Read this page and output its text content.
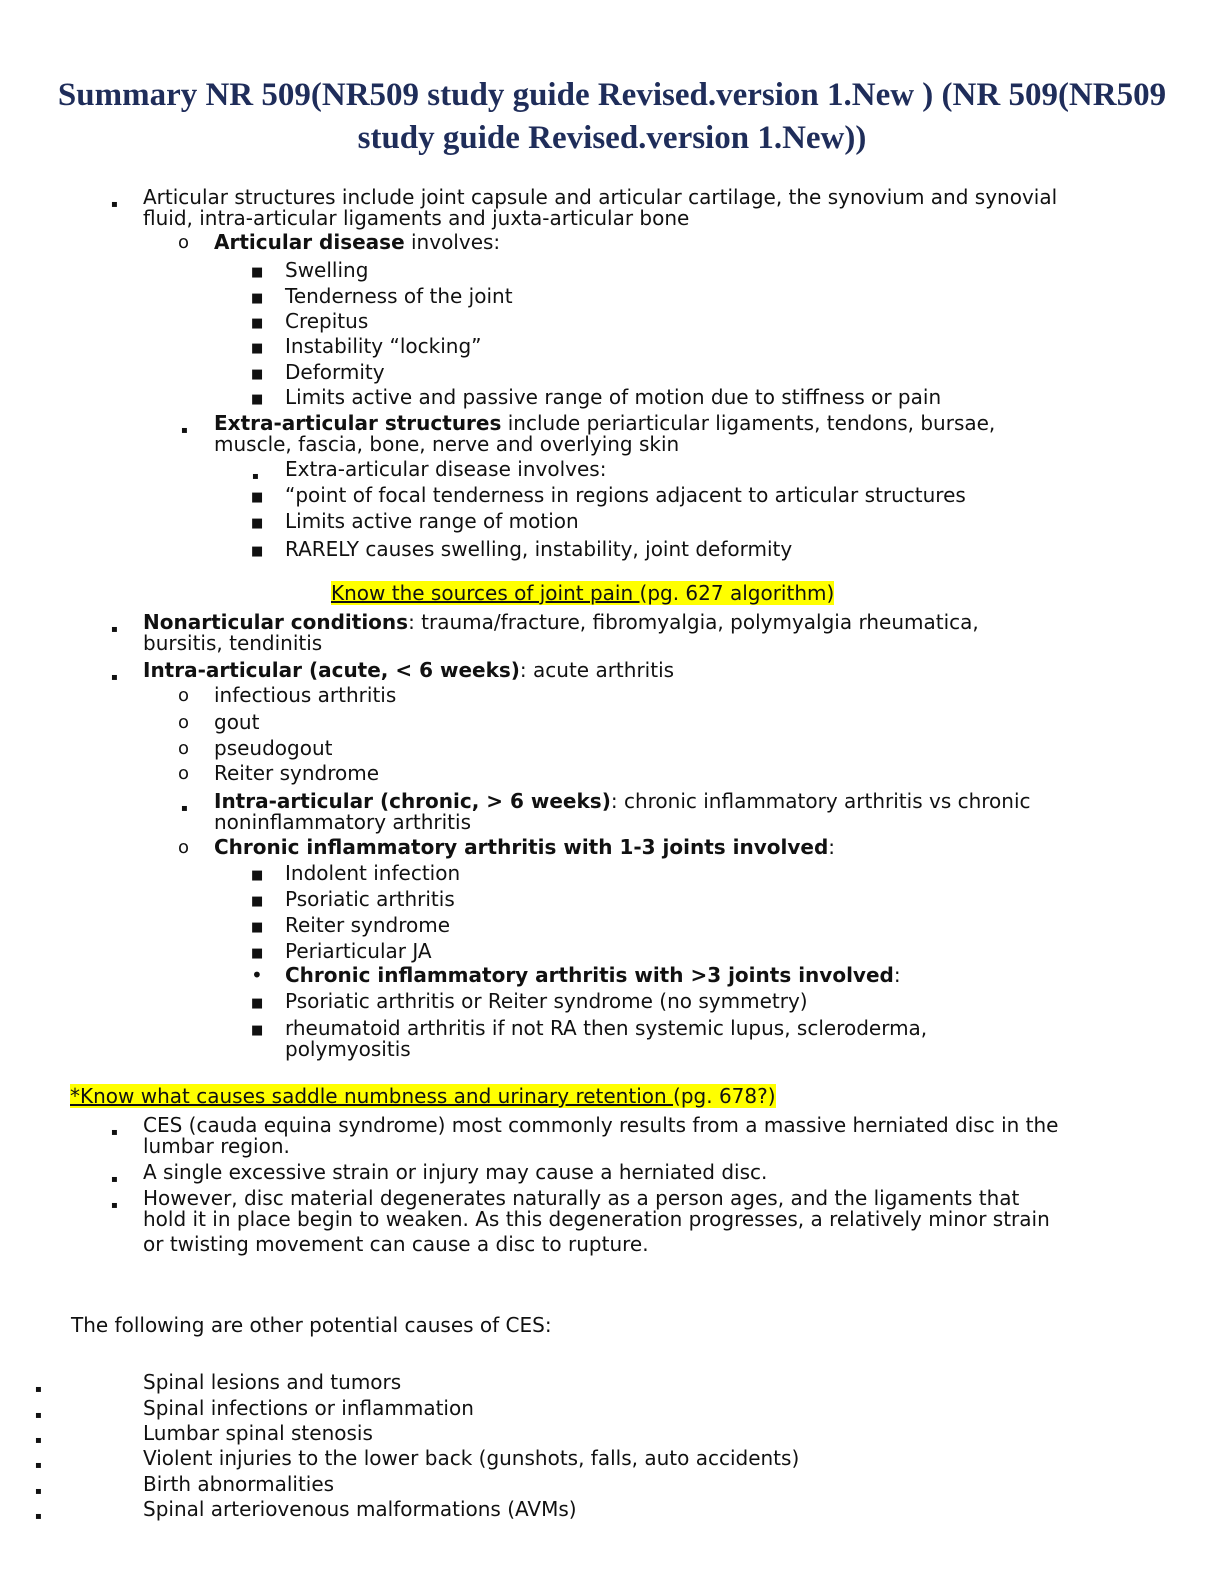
Summary NR 509(NR509 study guide Revised.version 1.New ) (NR 509(NR509 study guide Revised.version 1.New))
▪ Articular structures include joint capsule and articular cartilage, the synovium and synovial
fluid, intra-articular ligaments and juxta-articular bone
o Articular disease involves:
■ Swelling
■ Tenderness of the joint
■ Crepitus
■ Instability “locking”
■ Deformity
■ Limits active and passive range of motion due to stiffness or pain
▪ Extra-articular structures include periarticular ligaments, tendons, bursae,
muscle, fascia, bone, nerve and overlying skin
▪ Extra-articular disease involves:
■ “point of focal tenderness in regions adjacent to articular structures
■ Limits active range of motion
■ RARELY causes swelling, instability, joint deformity
Know the sources of joint pain (pg. 627 algorithm)
▪ Nonarticular conditions: trauma/fracture, fibromyalgia, polymyalgia rheumatica,
bursitis, tendinitis
▪ Intra-articular (acute, < 6 weeks): acute arthritis
o infectious arthritis
o gout
o pseudogout
o Reiter syndrome
▪ Intra-articular (chronic, > 6 weeks): chronic inflammatory arthritis vs chronic
noninflammatory arthritis
o Chronic inflammatory arthritis with 1-3 joints involved:
■ Indolent infection
■ Psoriatic arthritis
■ Reiter syndrome
■ Periarticular JA
• Chronic inflammatory arthritis with >3 joints involved:
■ Psoriatic arthritis or Reiter syndrome (no symmetry)
■ rheumatoid arthritis if not RA then systemic lupus, scleroderma,
polymyositis
*Know what causes saddle numbness and urinary retention (pg. 678?)
▪ CES (cauda equina syndrome) most commonly results from a massive herniated disc in the
lumbar region.
▪ A single excessive strain or injury may cause a herniated disc.
▪ However, disc material degenerates naturally as a person ages, and the ligaments that
hold it in place begin to weaken. As this degeneration progresses, a relatively minor strain
or twisting movement can cause a disc to rupture.
The following are other potential causes of CES:
▪	Spinal lesions and tumors
▪	Spinal infections or inflammation
▪	Lumbar spinal stenosis
▪	Violent injuries to the lower back (gunshots, falls, auto accidents)
▪	Birth abnormalities
▪	Spinal arteriovenous malformations (AVMs)
